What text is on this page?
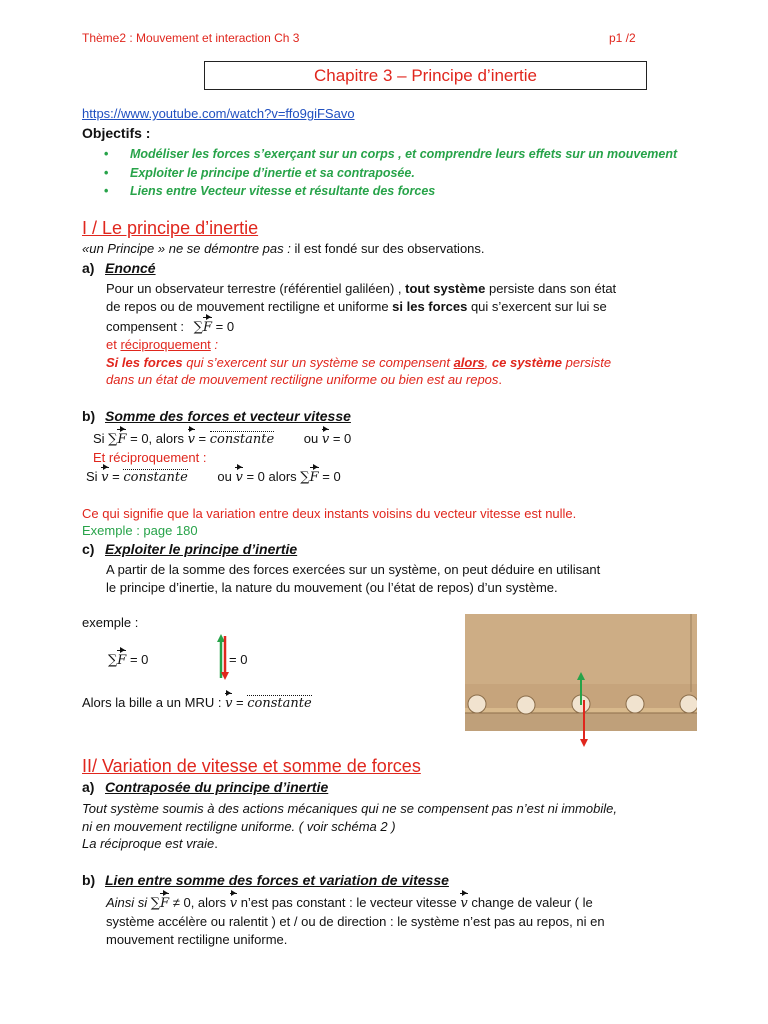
Thème2 : Mouvement et interaction Ch 3	p1 /2
Chapitre 3 – Principe d’inertie
https://www.youtube.com/watch?v=ffo9giFSavo
Objectifs :
• Modéliser les forces s’exerçant sur un corps , et comprendre leurs effets sur un mouvement
• Exploiter le principe d’inertie et sa contraposée.
• Liens entre Vecteur vitesse et résultante des forces
I / Le principe d’inertie
«un Principe » ne se démontre pas : il est fondé sur des observations.
a) Enoncé
Pour un observateur terrestre (référentiel galiléen) , tout système persiste dans son état
de repos ou de mouvement rectiligne et uniforme si les forces qui s’exercent sur lui se
compensent : ∑F = 0
et réciproquement :
Si les forces qui s’exercent sur un système se compensent alors, ce système persiste
dans un état de mouvement rectiligne uniforme ou bien est au repos.
b) Somme des forces et vecteur vitesse
Si ∑F = 0, alors v = constante ou v = 0
Et réciproquement :
Si v = constante ou v = 0 alors ∑F = 0
Ce qui signifie que la variation entre deux instants voisins du vecteur vitesse est nulle.
Exemple : page 180
c) Exploiter le principe d’inertie
A partir de la somme des forces exercées sur un système, on peut déduire en utilisant
le principe d’inertie, la nature du mouvement (ou l’état de repos) d’un système.
exemple :
∑F = 0	= 0
Alors la bille a un MRU : v = constante
II/ Variation de vitesse et somme de forces
a) Contraposée du principe d’inertie
Tout système soumis à des actions mécaniques qui ne se compensent pas n’est ni immobile,
ni en mouvement rectiligne uniforme. ( voir schéma 2 )
La réciproque est vraie.
b) Lien entre somme des forces et variation de vitesse
Ainsi si ∑F ≠ 0, alors v n’est pas constant : le vecteur vitesse v change de valeur ( le
système accélère ou ralentit ) et / ou de direction : le système n’est pas au repos, ni en
mouvement rectiligne uniforme.
